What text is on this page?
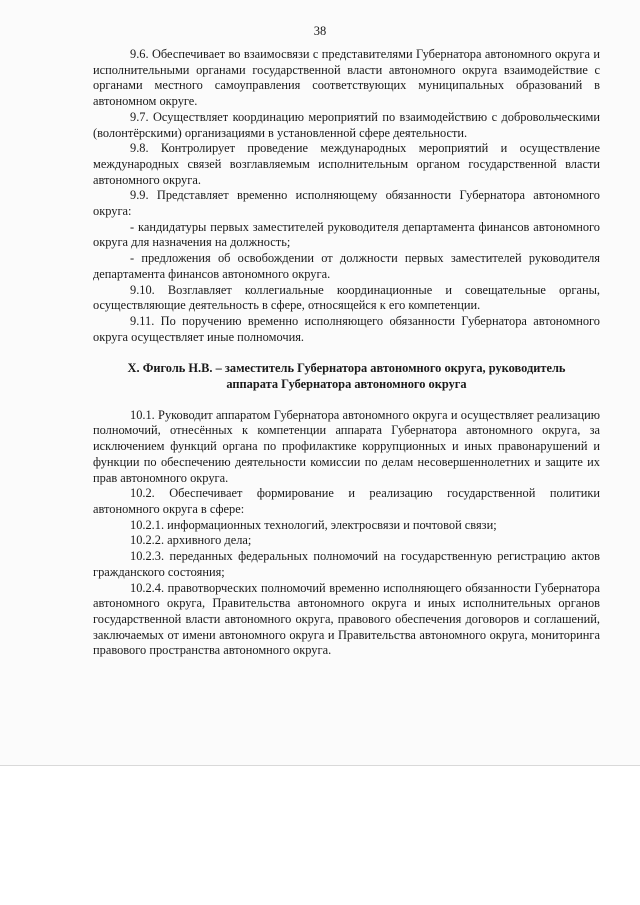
38

9.6. Обеспечивает во взаимосвязи с представителями Губернатора автономного округа и исполнительными органами государственной власти автономного округа взаимодействие с органами местного самоуправления соответствующих муниципальных образований в автономном округе.

9.7. Осуществляет координацию мероприятий по взаимодействию с добровольческими (волонтёрскими) организациями в установленной сфере деятельности.

9.8. Контролирует проведение международных мероприятий и осуществление международных связей возглавляемым исполнительным органом государственной власти автономного округа.

9.9. Представляет временно исполняющему обязанности Губернатора автономного округа:

- кандидатуры первых заместителей руководителя департамента финансов автономного округа для назначения на должность;

- предложения об освобождении от должности первых заместителей руководителя департамента финансов автономного округа.

9.10. Возглавляет коллегиальные координационные и совещательные органы, осуществляющие деятельность в сфере, относящейся к его компетенции.

9.11. По поручению временно исполняющего обязанности Губернатора автономного округа осуществляет иные полномочия.

X. Фиголь Н.В. – заместитель Губернатора автономного округа, руководитель аппарата Губернатора автономного округа

10.1. Руководит аппаратом Губернатора автономного округа и осуществляет реализацию полномочий, отнесённых к компетенции аппарата Губернатора автономного округа, за исключением функций органа по профилактике коррупционных и иных правонарушений и функции по обеспечению деятельности комиссии по делам несовершеннолетних и защите их прав автономного округа.

10.2. Обеспечивает формирование и реализацию государственной политики автономного округа в сфере:

10.2.1. информационных технологий, электросвязи и почтовой связи;

10.2.2. архивного дела;

10.2.3. переданных федеральных полномочий на государственную регистрацию актов гражданского состояния;

10.2.4. правотворческих полномочий временно исполняющего обязанности Губернатора автономного округа, Правительства автономного округа и иных исполнительных органов государственной власти автономного округа, правового обеспечения договоров и соглашений, заключаемых от имени автономного округа и Правительства автономного округа, мониторинга правового пространства автономного округа.
